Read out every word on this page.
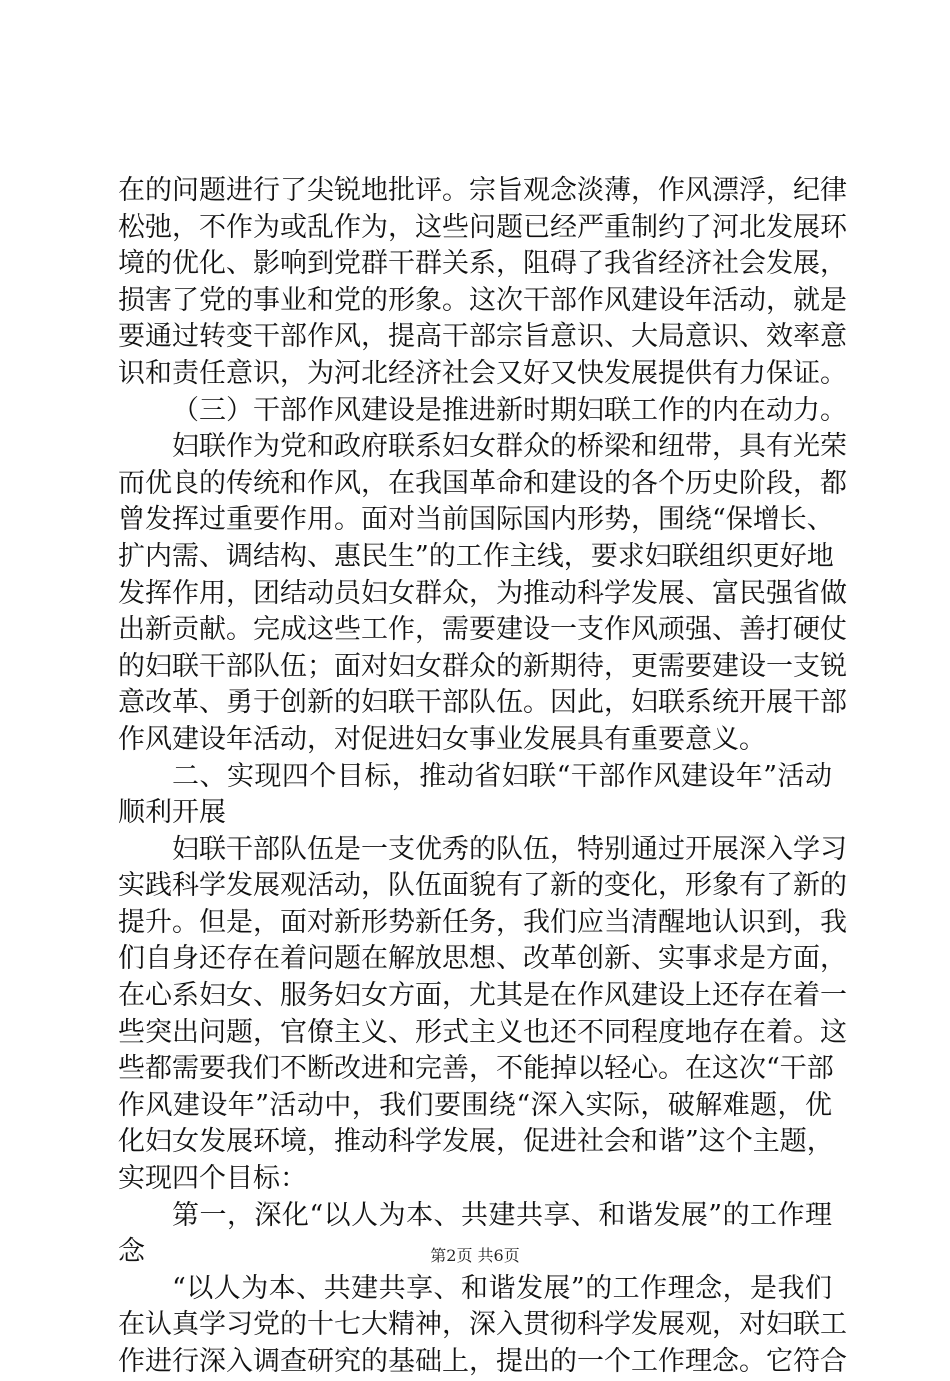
在的问题进行了尖锐地批评。宗旨观念淡薄，作风漂浮，纪律
松弛，不作为或乱作为，这些问题已经严重制约了河北发展环
境的优化、影响到党群干群关系，阻碍了我省经济社会发展，
损害了党的事业和党的形象。这次干部作风建设年活动，就是
要通过转变干部作风，提高干部宗旨意识、大局意识、效率意
识和责任意识，为河北经济社会又好又快发展提供有力保证。
（三）干部作风建设是推进新时期妇联工作的内在动力。
妇联作为党和政府联系妇女群众的桥梁和纽带，具有光荣
而优良的传统和作风，在我国革命和建设的各个历史阶段，都
曾发挥过重要作用。面对当前国际国内形势，围绕“保增长、
扩内需、调结构、惠民生”的工作主线，要求妇联组织更好地
发挥作用，团结动员妇女群众，为推动科学发展、富民强省做
出新贡献。完成这些工作，需要建设一支作风顽强、善打硬仗
的妇联干部队伍；面对妇女群众的新期待，更需要建设一支锐
意改革、勇于创新的妇联干部队伍。因此，妇联系统开展干部
作风建设年活动，对促进妇女事业发展具有重要意义。
二、实现四个目标，推动省妇联“干部作风建设年”活动
顺利开展
妇联干部队伍是一支优秀的队伍，特别通过开展深入学习
实践科学发展观活动，队伍面貌有了新的变化，形象有了新的
提升。但是，面对新形势新任务，我们应当清醒地认识到，我
们自身还存在着问题在解放思想、改革创新、实事求是方面，
在心系妇女、服务妇女方面，尤其是在作风建设上还存在着一
些突出问题，官僚主义、形式主义也还不同程度地存在着。这
些都需要我们不断改进和完善，不能掉以轻心。在这次“干部
作风建设年”活动中，我们要围绕“深入实际，破解难题，优
化妇女发展环境，推动科学发展，促进社会和谐”这个主题，
实现四个目标：
第一，深化“以人为本、共建共享、和谐发展”的工作理
念
“以人为本、共建共享、和谐发展”的工作理念，是我们
在认真学习党的十七大精神，深入贯彻科学发展观，对妇联工
作进行深入调查研究的基础上，提出的一个工作理念。它符合
第2页 共6页
